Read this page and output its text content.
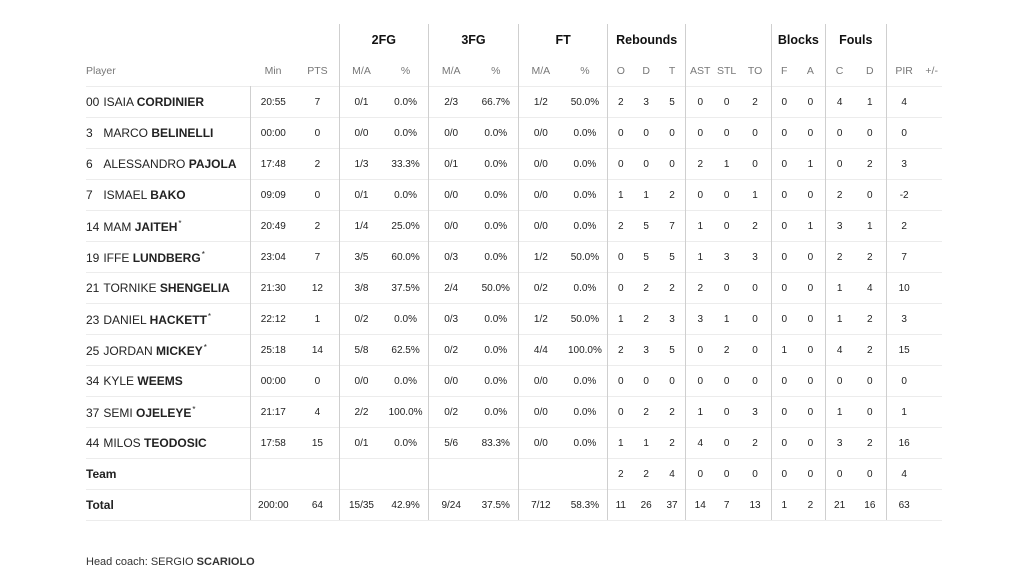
			2FG		3FG		FT		Rebounds						Blocks		Fouls			
Player	Min	PTS	M/A	%	M/A	%	M/A	%	O	D	T	AST	STL	TO	F	A	C	D	PIR	+/-
00 ISAIA CORDINIER	20:55	7	0/1	0.0%	2/3	66.7%	1/2	50.0%	2	3	5	0	0	2	0	0	4	1	4	
3 MARCO BELINELLI	00:00	0	0/0	0.0%	0/0	0.0%	0/0	0.0%	0	0	0	0	0	0	0	0	0	0	0	
6 ALESSANDRO PAJOLA	17:48	2	1/3	33.3%	0/1	0.0%	0/0	0.0%	0	0	0	2	1	0	0	1	0	2	3	
7 ISMAEL BAKO	09:09	0	0/1	0.0%	0/0	0.0%	0/0	0.0%	1	1	2	0	0	1	0	0	2	0	-2	
14 MAM JAITEH*	20:49	2	1/4	25.0%	0/0	0.0%	0/0	0.0%	2	5	7	1	0	2	0	1	3	1	2	
19 IFFE LUNDBERG*	23:04	7	3/5	60.0%	0/3	0.0%	1/2	50.0%	0	5	5	1	3	3	0	0	2	2	7	
21 TORNIKE SHENGELIA	21:30	12	3/8	37.5%	2/4	50.0%	0/2	0.0%	0	2	2	2	0	0	0	0	1	4	10	
23 DANIEL HACKETT*	22:12	1	0/2	0.0%	0/3	0.0%	1/2	50.0%	1	2	3	3	1	0	0	0	1	2	3	
25 JORDAN MICKEY*	25:18	14	5/8	62.5%	0/2	0.0%	4/4	100.0%	2	3	5	0	2	0	1	0	4	2	15	
34 KYLE WEEMS	00:00	0	0/0	0.0%	0/0	0.0%	0/0	0.0%	0	0	0	0	0	0	0	0	0	0	0	
37 SEMI OJELEYE*	21:17	4	2/2	100.0%	0/2	0.0%	0/0	0.0%	0	2	2	1	0	3	0	0	1	0	1	
44 MILOS TEODOSIC	17:58	15	0/1	0.0%	5/6	83.3%	0/0	0.0%	1	1	2	4	0	2	0	0	3	2	16	
Team									2	2	4	0	0	0	0	0	0	0	4	
Total	200:00	64	15/35	42.9%	9/24	37.5%	7/12	58.3%	11	26	37	14	7	13	1	2	21	16	63	
Head coach: SERGIO SCARIOLO
